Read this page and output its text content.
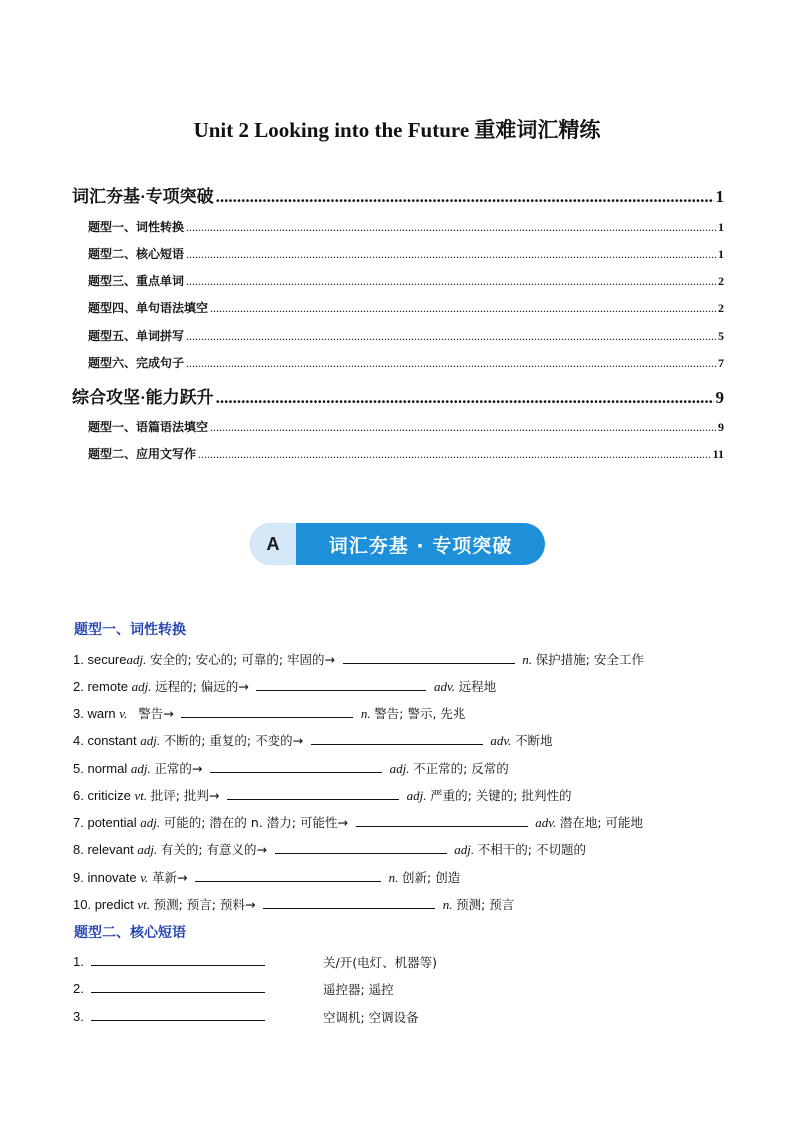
Unit 2 Looking into the Future 重难词汇精练
词汇夯基·专项突破 .....	1
题型一、词性转换 .....	1
题型二、核心短语 .....	1
题型三、重点单词 .....	2
题型四、单句语法填空 .....	2
题型五、单词拼写 .....	5
题型六、完成句子 .....	7
综合攻坚·能力跃升 .....	9
题型一、语篇语法填空 .....	9
题型二、应用文写作 .....	11
A	词汇夯基 · 专项突破
题型一、词性转换
1. secureadj. 安全的; 安心的; 可靠的; 牢固的→	n. 保护措施; 安全工作
2. remote adj. 远程的; 偏远的→	adv. 远程地
3. warn v. 警告→	n. 警告; 警示, 先兆
4. constant adj. 不断的; 重复的; 不变的→	adv. 不断地
5. normal adj. 正常的→	adj. 不正常的; 反常的
6. criticize vt. 批评; 批判→	adj. 严重的; 关键的; 批判性的
7. potential adj. 可能的; 潜在的 n. 潜力; 可能性→	adv. 潜在地; 可能地
8. relevant adj. 有关的; 有意义的→	adj. 不相干的; 不切题的
9. innovate v. 革新→	n. 创新; 创造
10. predict vt. 预测; 预言; 预料→	n. 预测; 预言
题型二、核心短语
1.	关/开(电灯、机器等)
2.	遥控器; 遥控
3.	空调机; 空调设备
